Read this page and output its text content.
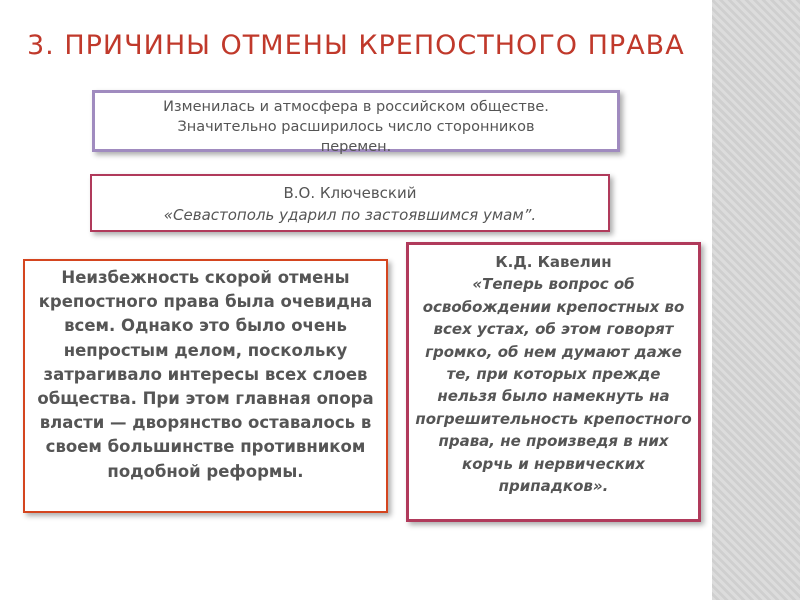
3. ПРИЧИНЫ ОТМЕНЫ КРЕПОСТНОГО ПРАВА
Изменилась и атмосфера в российском обществе.
Значительно расширилось число сторонников
перемен.
В.О. Ключевский
«Севастополь ударил по застоявшимся умам”.
Неизбежность скорой отмены крепостного права была очевидна всем. Однако это было очень непростым делом, поскольку затрагивало интересы всех слоев общества. При этом главная опора власти — дворянство оставалось в своем большинстве противником подобной реформы.
К.Д. Кавелин
«Теперь вопрос об освобождении крепостных во всех устах, об этом говорят громко, об нем думают даже те, при которых прежде нельзя было намекнуть на погрешительность крепостного права, не произведя в них корчь и нервических припадков».
